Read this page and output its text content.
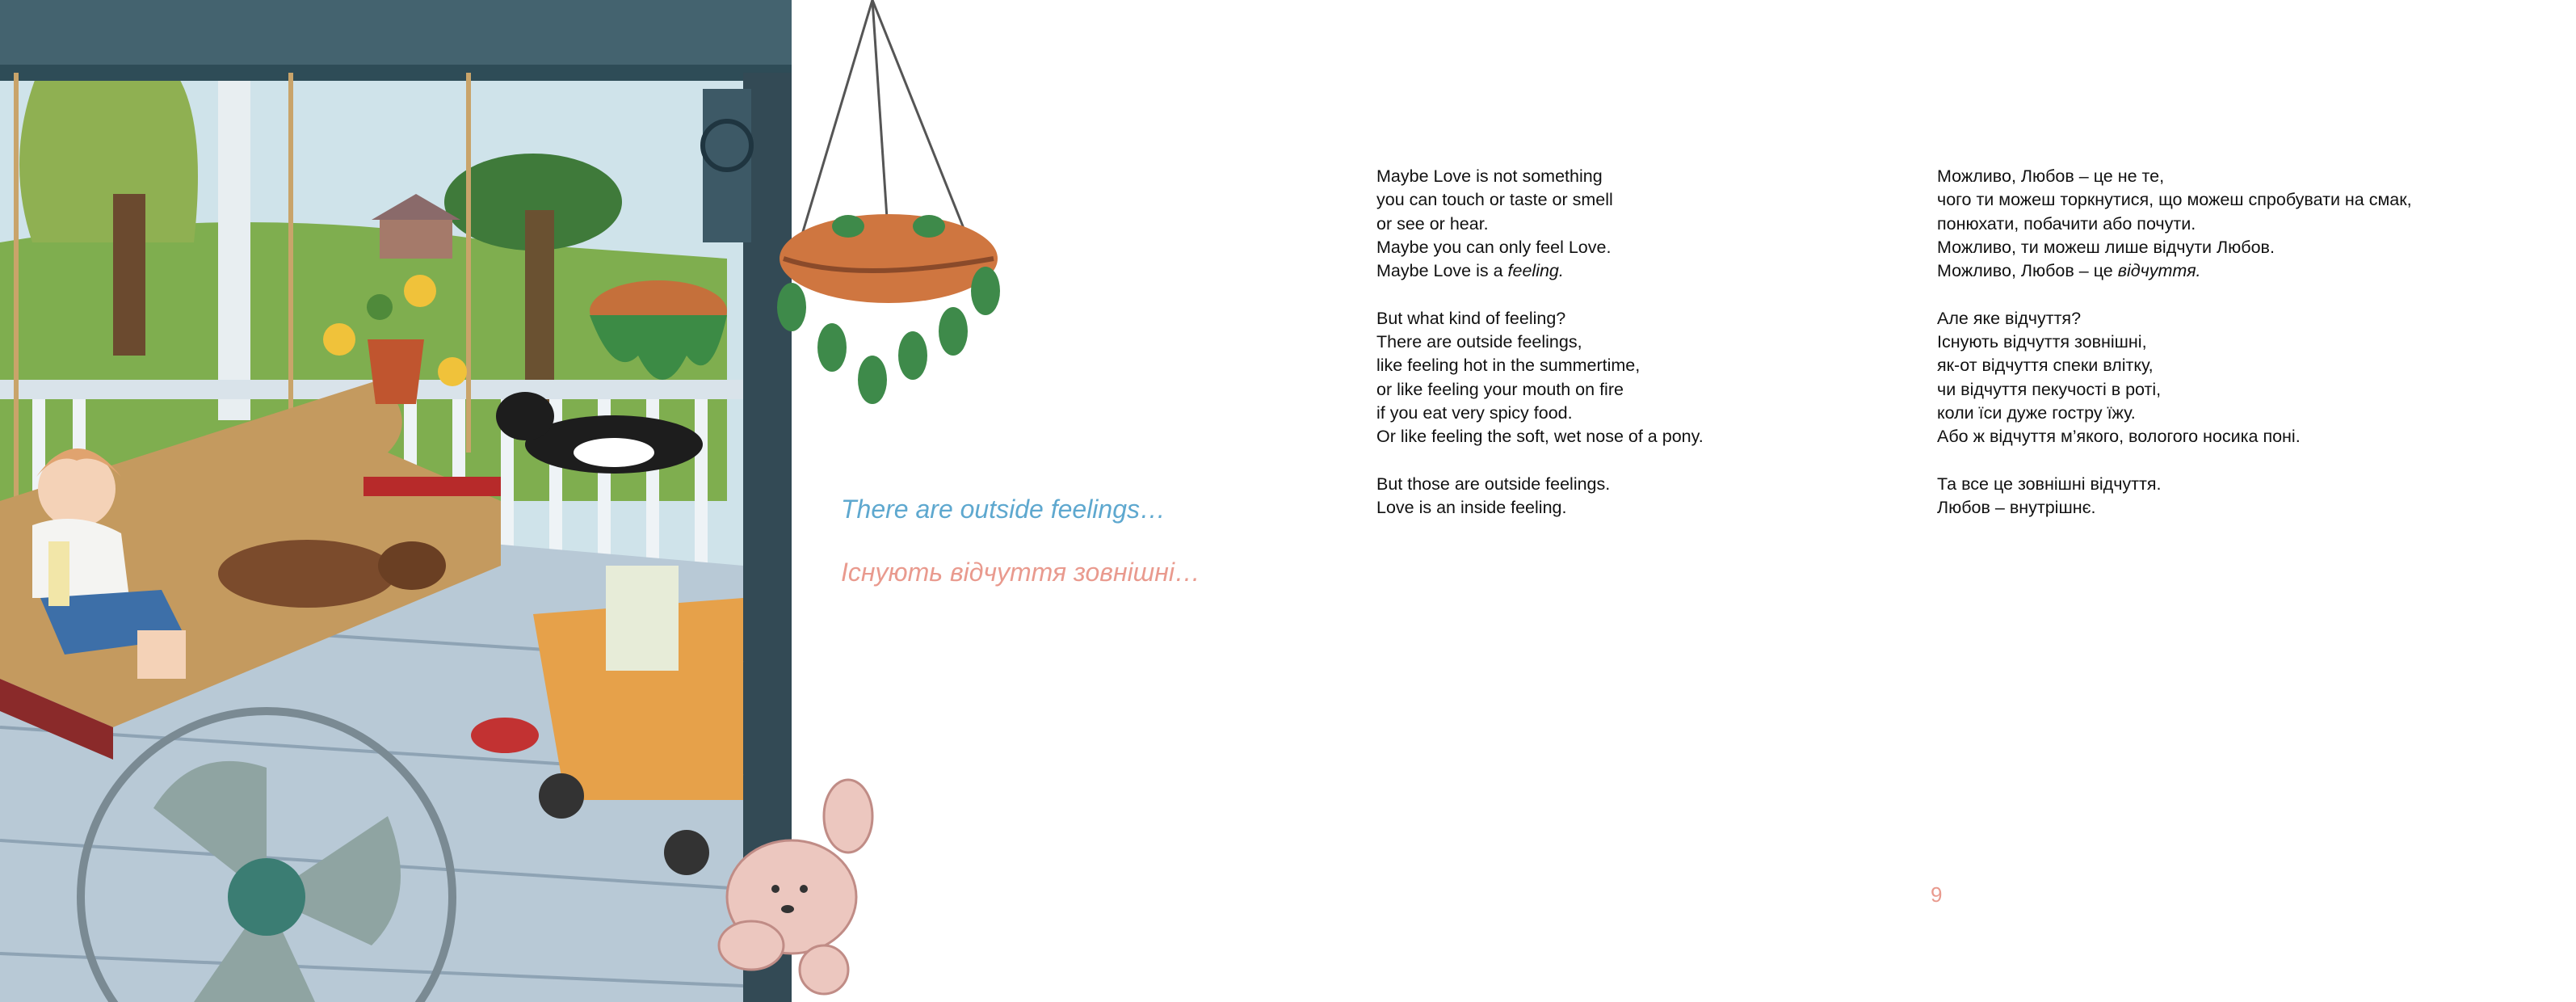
There are outside feelings…

Існують відчуття зовнішні…

Maybe Love is not something
you can touch or taste or smell
or see or hear.
Maybe you can only feel Love.
Maybe Love is a feeling.
But what kind of feeling?
There are outside feelings,
like feeling hot in the summertime,
or like feeling your mouth on fire
if you eat very spicy food.
Or like feeling the soft, wet nose of a pony.
But those are outside feelings.
Love is an inside feeling.
Можливо, Любов – це не те,
чого ти можеш торкнутися, що можеш спробувати на смак,
понюхати, побачити або почути.
Можливо, ти можеш лише відчути Любов.
Можливо, Любов – це відчуття.
Але яке відчуття?
Існують відчуття зовнішні,
як-от відчуття спеки влітку,
чи відчуття пекучості в роті,
коли їси дуже гостру їжу.
Або ж відчуття м’якого, вологого носика поні.
Та все це зовнішні відчуття.
Любов – внутрішнє.
9
